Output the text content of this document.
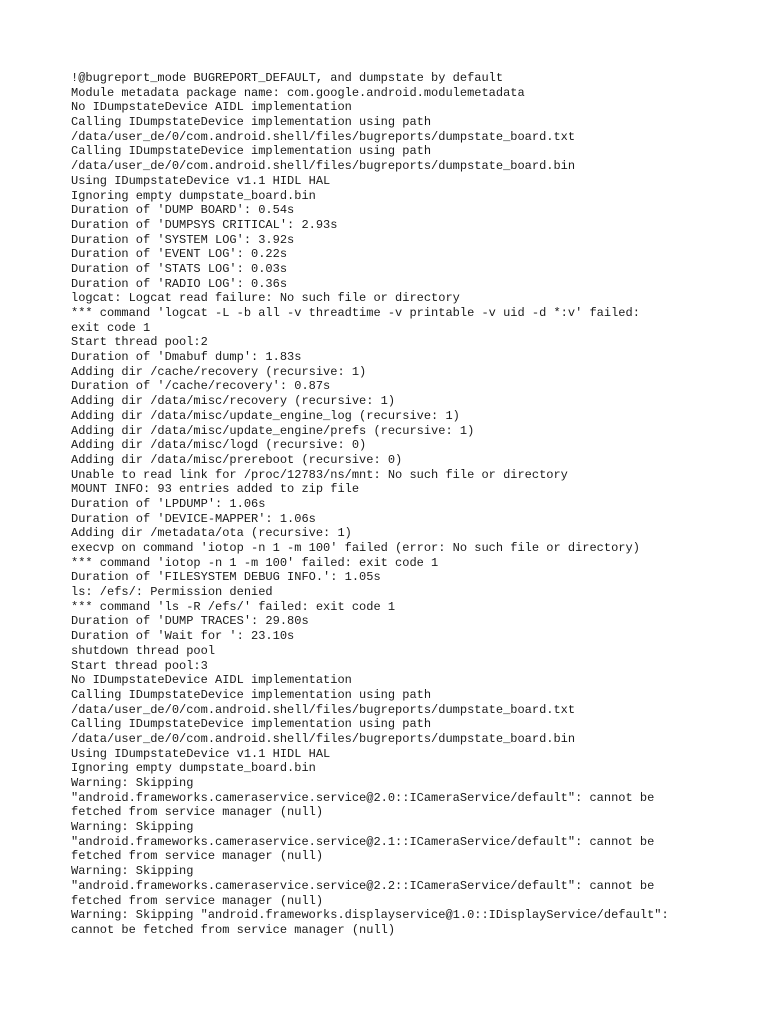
!@bugreport_mode BUGREPORT_DEFAULT, and dumpstate by default
Module metadata package name: com.google.android.modulemetadata
No IDumpstateDevice AIDL implementation
Calling IDumpstateDevice implementation using path
/data/user_de/0/com.android.shell/files/bugreports/dumpstate_board.txt
Calling IDumpstateDevice implementation using path
/data/user_de/0/com.android.shell/files/bugreports/dumpstate_board.bin
Using IDumpstateDevice v1.1 HIDL HAL
Ignoring empty dumpstate_board.bin
Duration of 'DUMP BOARD': 0.54s
Duration of 'DUMPSYS CRITICAL': 2.93s
Duration of 'SYSTEM LOG': 3.92s
Duration of 'EVENT LOG': 0.22s
Duration of 'STATS LOG': 0.03s
Duration of 'RADIO LOG': 0.36s
logcat: Logcat read failure: No such file or directory
*** command 'logcat -L -b all -v threadtime -v printable -v uid -d *:v' failed:
exit code 1
Start thread pool:2
Duration of 'Dmabuf dump': 1.83s
Adding dir /cache/recovery (recursive: 1)
Duration of '/cache/recovery': 0.87s
Adding dir /data/misc/recovery (recursive: 1)
Adding dir /data/misc/update_engine_log (recursive: 1)
Adding dir /data/misc/update_engine/prefs (recursive: 1)
Adding dir /data/misc/logd (recursive: 0)
Adding dir /data/misc/prereboot (recursive: 0)
Unable to read link for /proc/12783/ns/mnt: No such file or directory
MOUNT INFO: 93 entries added to zip file
Duration of 'LPDUMP': 1.06s
Duration of 'DEVICE-MAPPER': 1.06s
Adding dir /metadata/ota (recursive: 1)
execvp on command 'iotop -n 1 -m 100' failed (error: No such file or directory)
*** command 'iotop -n 1 -m 100' failed: exit code 1
Duration of 'FILESYSTEM DEBUG INFO.': 1.05s
ls: /efs/: Permission denied
*** command 'ls -R /efs/' failed: exit code 1
Duration of 'DUMP TRACES': 29.80s
Duration of 'Wait for ': 23.10s
shutdown thread pool
Start thread pool:3
No IDumpstateDevice AIDL implementation
Calling IDumpstateDevice implementation using path
/data/user_de/0/com.android.shell/files/bugreports/dumpstate_board.txt
Calling IDumpstateDevice implementation using path
/data/user_de/0/com.android.shell/files/bugreports/dumpstate_board.bin
Using IDumpstateDevice v1.1 HIDL HAL
Ignoring empty dumpstate_board.bin
Warning: Skipping
"android.frameworks.cameraservice.service@2.0::ICameraService/default": cannot be
fetched from service manager (null)
Warning: Skipping
"android.frameworks.cameraservice.service@2.1::ICameraService/default": cannot be
fetched from service manager (null)
Warning: Skipping
"android.frameworks.cameraservice.service@2.2::ICameraService/default": cannot be
fetched from service manager (null)
Warning: Skipping "android.frameworks.displayservice@1.0::IDisplayService/default":
cannot be fetched from service manager (null)
